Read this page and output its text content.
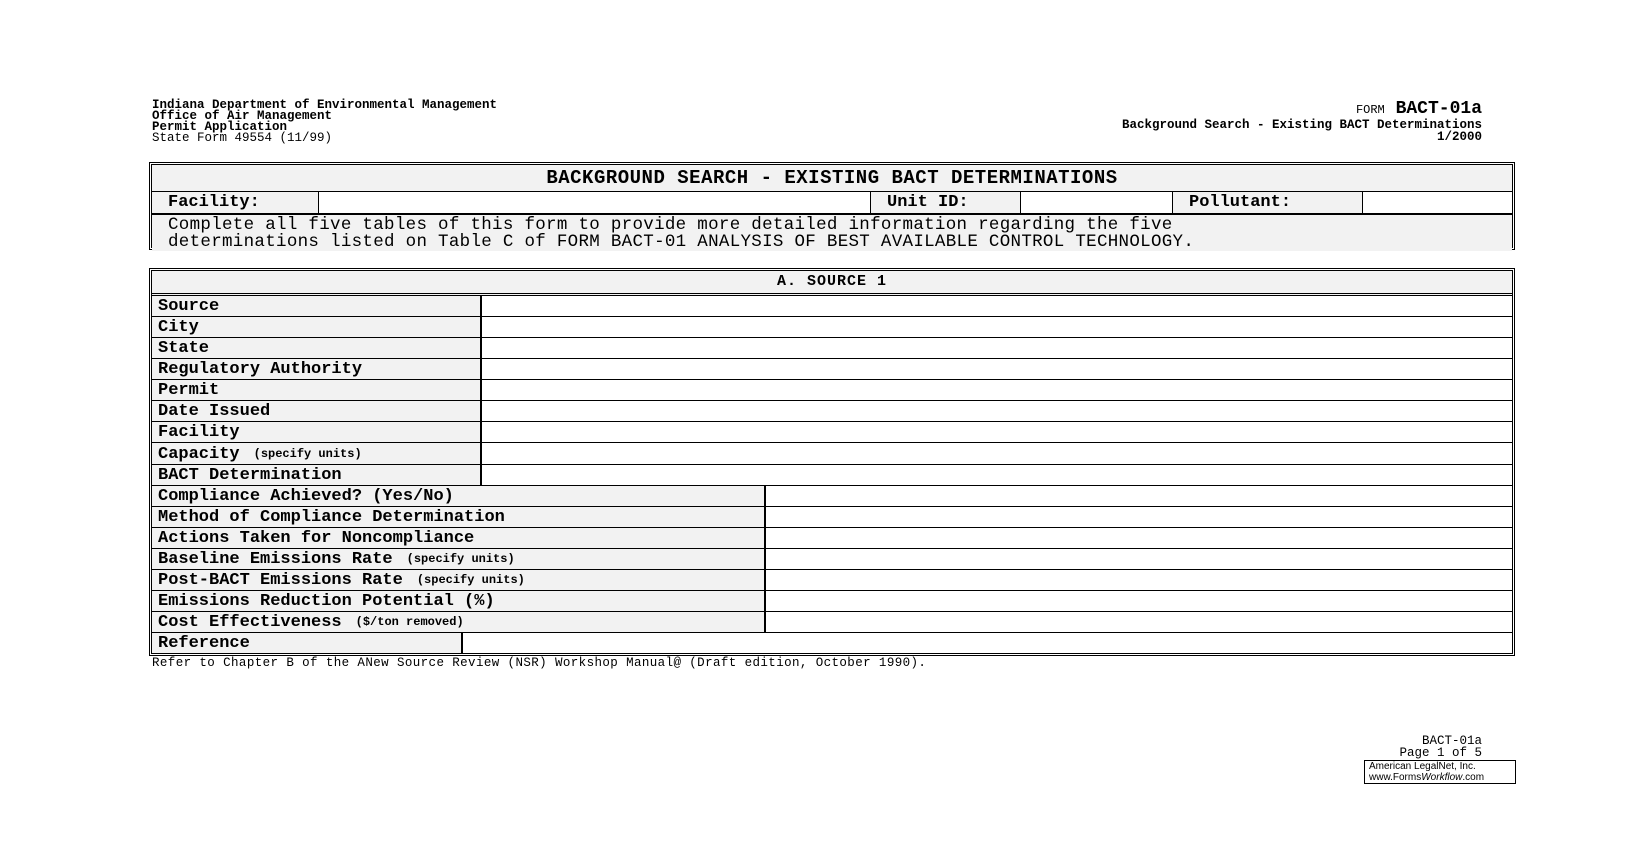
Indiana Department of Environmental Management
Office of Air Management
Permit Application
State Form 49554 (11/99)
FORM BACT-01a
Background Search - Existing BACT Determinations
1/2000
BACKGROUND SEARCH - EXISTING BACT DETERMINATIONS
Facility:	Unit ID:	Pollutant:
Complete all five tables of this form to provide more detailed information regarding the five
determinations listed on Table C of FORM BACT-01 ANALYSIS OF BEST AVAILABLE CONTROL TECHNOLOGY.
A. SOURCE 1
Source
City
State
Regulatory Authority
Permit
Date Issued
Facility
Capacity (specify units)
BACT Determination
Compliance Achieved? (Yes/No)
Method of Compliance Determination
Actions Taken for Noncompliance
Baseline Emissions Rate (specify units)
Post-BACT Emissions Rate (specify units)
Emissions Reduction Potential (%)
Cost Effectiveness ($/ton removed)
Reference
Refer to Chapter B of the ANew Source Review (NSR) Workshop Manual@ (Draft edition, October 1990).
BACT-01a
Page 1 of 5
American LegalNet, Inc.
www.FormsWorkflow.com
